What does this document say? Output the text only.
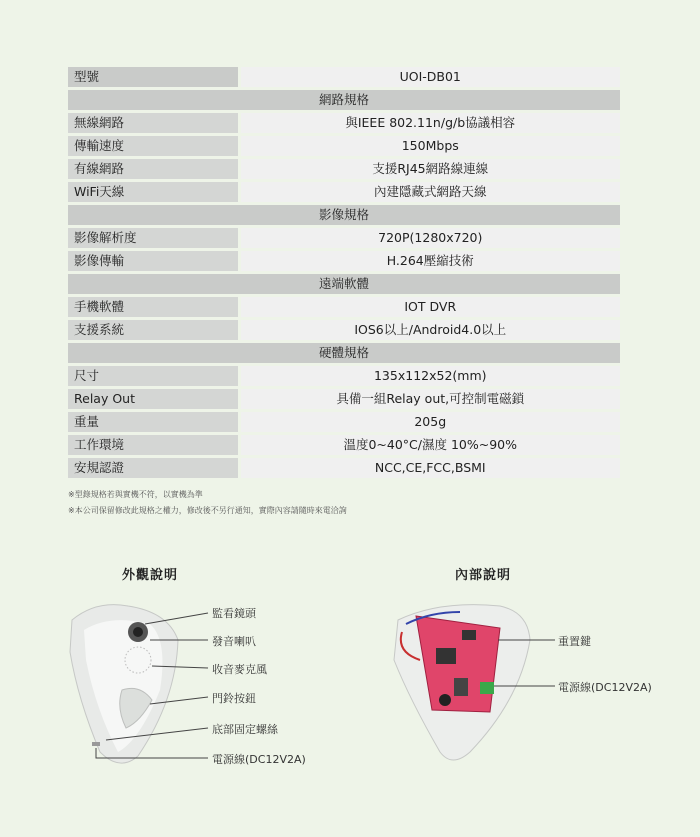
型號	UOI-DB01
網路規格	
無線網路	與IEEE 802.11n/g/b協議相容
傳輸速度	150Mbps
有線網路	支援RJ45網路線連線
WiFi天線	內建隱藏式網路天線
影像規格	
影像解析度	720P(1280x720)
影像傳輸	H.264壓縮技術
遠端軟體	
手機軟體	IOT DVR
支援系統	IOS6以上/Android4.0以上
硬體規格	
尺寸	135x112x52(mm)
Relay Out	具備一組Relay out,可控制電磁鎖
重量	205g
工作環境	溫度0~40°C/濕度 10%~90%
安規認證	NCC,CE,FCC,BSMI
※型錄規格若與實機不符，以實機為準
※本公司保留修改此規格之權力，修改後不另行通知，實際內容請隨時來電洽詢
外觀說明	內部說明
監看鏡頭
發音喇叭
收音麥克風
門鈴按鈕
底部固定螺絲
電源線(DC12V2A)
重置鍵
電源線(DC12V2A)
